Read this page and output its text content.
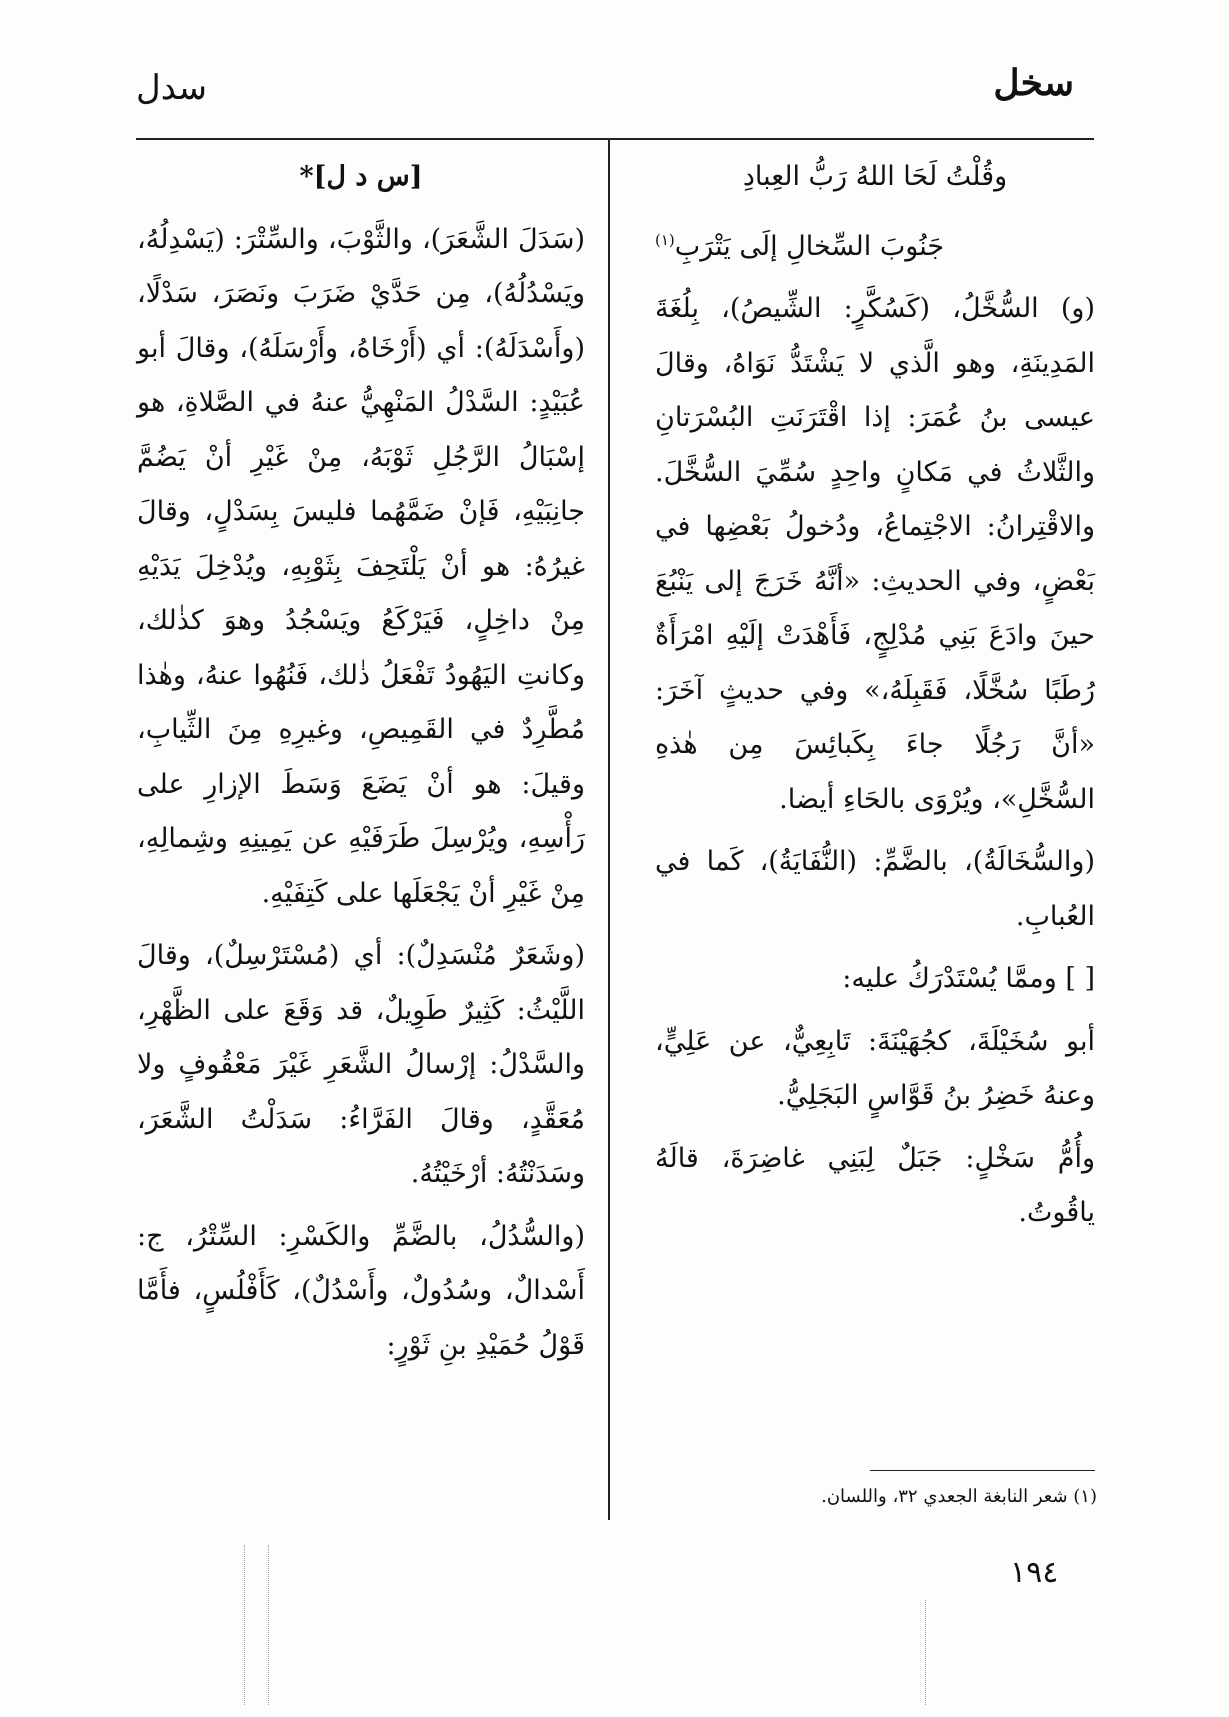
سخل
سدل

وقُلْتُ لَحَا اللهُ رَبُّ العِبادِ

جَنُوبَ السِّخالِ إلَى يَتْرَبِ$^{(١)}$

(و) السُّخَّلُ، (كَسُكَّرٍ: الشِّيصُ)، بِلُغَةَ المَدِينَةِ، وهو الَّذي لا يَشْتَدُّ نَوَاهُ، وقالَ عيسى بنُ عُمَرَ: إذا اقْتَرَنَتِ البُسْرَتانِ والثَّلاثُ في مَكانٍ واحِدٍ سُمِّيَ السُّخَّلَ. والاقْتِرانُ: الاجْتِماعُ، ودُخولُ بَعْضِها في بَعْضٍ، وفي الحديثِ: «أنَّهُ خَرَجَ إلى يَنْبُعَ حينَ وادَعَ بَنِي مُدْلِجٍ، فَأَهْدَتْ إلَيْهِ امْرَأَةٌ رُطَبًا سُخَّلًا، فَقَبِلَهُ،» وفي حديثٍ آخَرَ: «أنَّ رَجُلًا جاءَ بِكَبائِسَ مِن هٰذهِ السُّخَّلِ»، ويُرْوَى بالحَاءِ أيضا.

(والسُّخَالَةُ)، بالضَّمِّ: (النُّفَايَةُ)، كَما في العُبابِ.

[ ] وممَّا يُسْتَدْرَكُ عليه:

أبو سُخَيْلَةَ، كجُهَيْنَةَ: تَابِعِيٌّ، عن عَلِيٍّ، وعنهُ خَضِرُ بنُ قَوَّاسٍ البَجَلِيُّ.

وأُمُّ سَخْلٍ: جَبَلٌ لِبَنِي غاضِرَةَ، قالَهُ ياقُوتُ.

[س د ل]*

(سَدَلَ الشَّعَرَ)، والثَّوْبَ، والسِّتْرَ: (يَسْدِلُهُ، ويَسْدُلُهُ)، مِن حَدَّيْ ضَرَبَ ونَصَرَ، سَدْلًا، (وأَسْدَلَهُ): أي (أَرْخَاهُ، وأَرْسَلَهُ)، وقالَ أبو عُبَيْدٍ: السَّدْلُ المَنْهِيُّ عنهُ في الصَّلاةِ، هو إسْبَالُ الرَّجُلِ ثَوْبَهُ، مِنْ غَيْرِ أنْ يَضُمَّ جانِبَيْهِ، فَإنْ ضَمَّهُما فليسَ بِسَدْلٍ، وقالَ غيرُهُ: هو أنْ يَلْتَحِفَ بِثَوْبِهِ، ويُدْخِلَ يَدَيْهِ مِنْ داخِلٍ، فَيَرْكَعُ ويَسْجُدُ وهوَ كذٰلك، وكانتِ اليَهُودُ تَفْعَلُ ذٰلك، فَنُهُوا عنهُ، وهٰذا مُطَّرِدٌ في القَمِيصِ، وغيرِهِ مِنَ الثِّيابِ، وقيلَ: هو أنْ يَضَعَ وَسَطَ الإزارِ على رَأْسِهِ، ويُرْسِلَ طَرَفَيْهِ عن يَمِينِهِ وشِمالِهِ، مِنْ غَيْرِ أنْ يَجْعَلَها على كَتِفَيْهِ.

(وشَعَرٌ مُنْسَدِلٌ): أي (مُسْتَرْسِلٌ)، وقالَ اللَّيْثُ: كَثِيرٌ طَوِيلٌ، قد وَقَعَ على الظَّهْرِ، والسَّدْلُ: إرْسالُ الشَّعَرِ غَيْرَ مَعْقُوفٍ ولا مُعَقَّدٍ، وقالَ الفَرَّاءُ: سَدَلْتُ الشَّعَرَ، وسَدَنْتُهُ: أرْخَيْتُهُ.

(والسُّدُلُ، بالضَّمِّ والكَسْرِ: السِّتْرُ، ج: أَسْدالٌ، وسُدُولٌ، وأَسْدُلٌ)، كَأَفْلُسٍ، فأَمَّا قَوْلُ حُمَيْدِ بنِ ثَوْرٍ:

(١) شعر النابغة الجعدي ٣٢، واللسان.
١٩٤
